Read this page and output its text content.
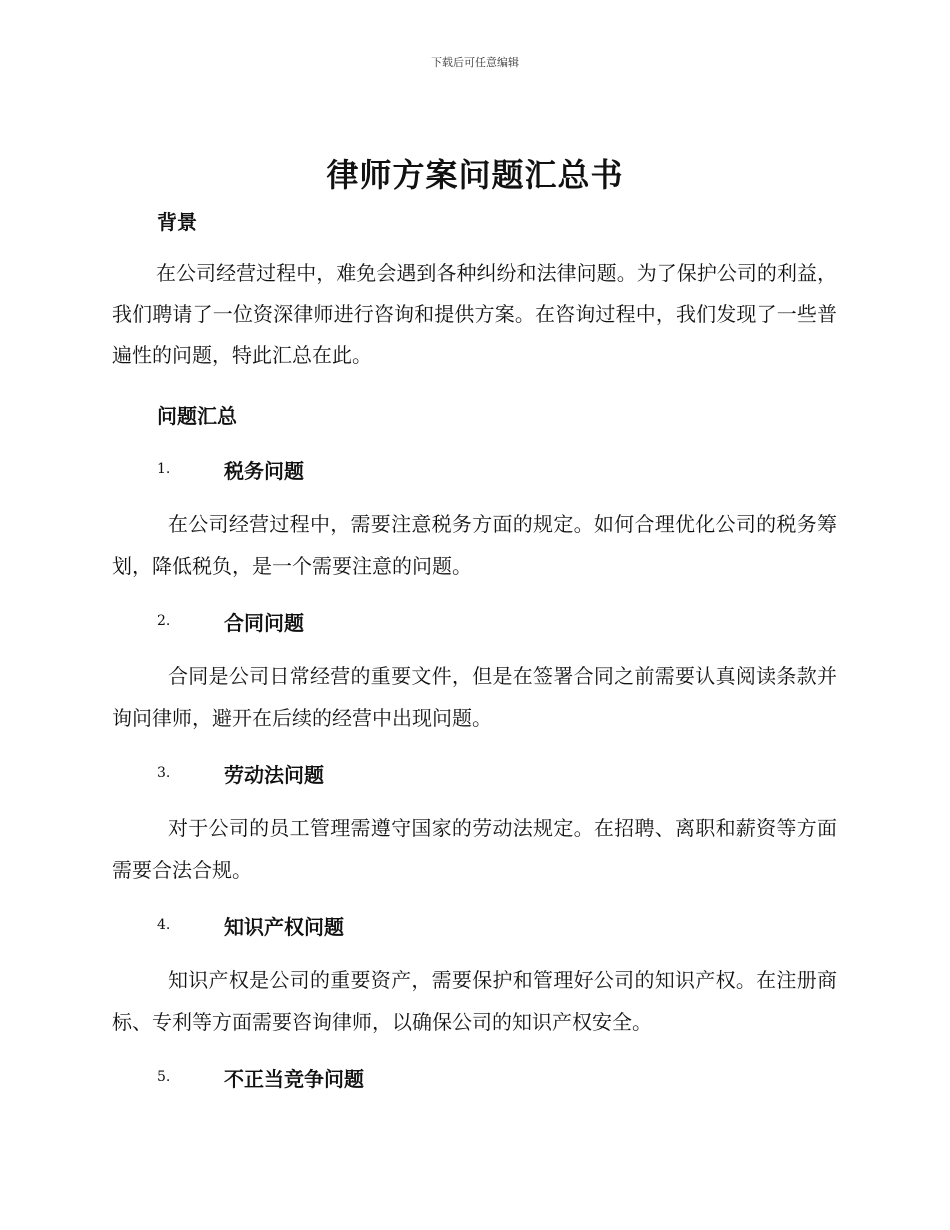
下载后可任意编辑
律师方案问题汇总书
背景

在公司经营过程中，难免会遇到各种纠纷和法律问题。为了保护公司的利益，我们聘请了一位资深律师进行咨询和提供方案。在咨询过程中，我们发现了一些普遍性的问题，特此汇总在此。

问题汇总
1.	税务问题

在公司经营过程中，需要注意税务方面的规定。如何合理优化公司的税务筹划，降低税负，是一个需要注意的问题。

2.	合同问题

合同是公司日常经营的重要文件，但是在签署合同之前需要认真阅读条款并询问律师，避开在后续的经营中出现问题。

3.	劳动法问题

对于公司的员工管理需遵守国家的劳动法规定。在招聘、离职和薪资等方面需要合法合规。

4.	知识产权问题

知识产权是公司的重要资产，需要保护和管理好公司的知识产权。在注册商标、专利等方面需要咨询律师，以确保公司的知识产权安全。

5.	不正当竞争问题
